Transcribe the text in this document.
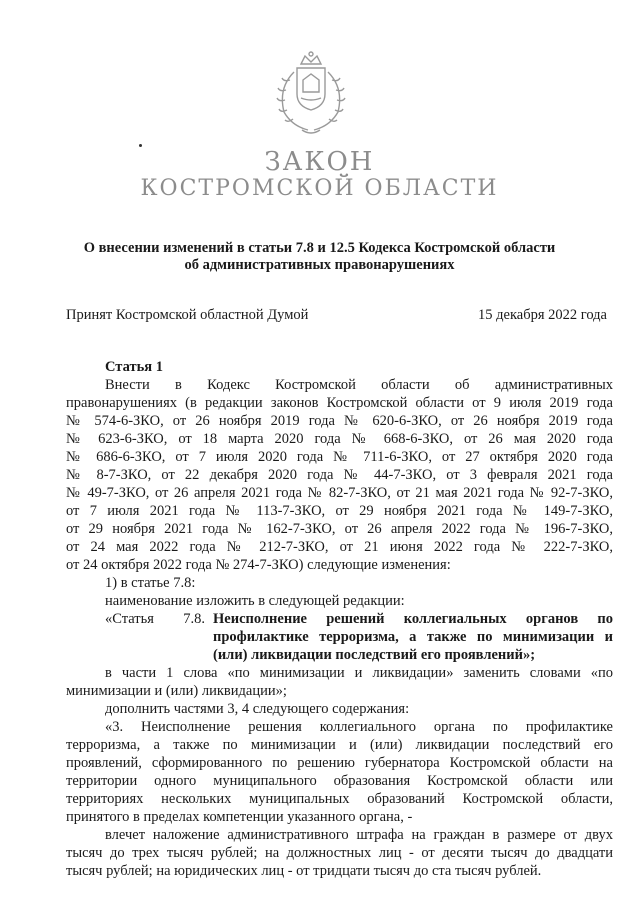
ЗАКОН
КОСТРОМСКОЙ ОБЛАСТИ
О внесении изменений в статьи 7.8 и 12.5 Кодекса Костромской области
об административных правонарушениях
Принят Костромской областной Думой	15 декабря 2022 года
Статья 1
Внести в Кодекс Костромской области об административных
правонарушениях (в редакции законов Костромской области от 9 июля 2019 года
№ 574-6-ЗКО, от 26 ноября 2019 года № 620-6-ЗКО, от 26 ноября 2019 года
№ 623-6-ЗКО, от 18 марта 2020 года № 668-6-ЗКО, от 26 мая 2020 года
№ 686-6-ЗКО, от 7 июля 2020 года № 711-6-ЗКО, от 27 октября 2020 года
№ 8-7-ЗКО, от 22 декабря 2020 года № 44-7-ЗКО, от 3 февраля 2021 года
№ 49-7-ЗКО, от 26 апреля 2021 года № 82-7-ЗКО, от 21 мая 2021 года № 92-7-ЗКО,
от 7 июля 2021 года № 113-7-ЗКО, от 29 ноября 2021 года № 149-7-ЗКО,
от 29 ноября 2021 года № 162-7-ЗКО, от 26 апреля 2022 года № 196-7-ЗКО,
от 24 мая 2022 года № 212-7-ЗКО, от 21 июня 2022 года № 222-7-ЗКО,
от 24 октября 2022 года № 274-7-ЗКО) следующие изменения:
1) в статье 7.8:
наименование изложить в следующей редакции:
«Статья 7.8. Неисполнение решений коллегиальных органов по
профилактике терроризма, а также по минимизации и
(или) ликвидации последствий его проявлений»;
в части 1 слова «по минимизации и ликвидации» заменить словами «по
минимизации и (или) ликвидации»;
дополнить частями 3, 4 следующего содержания:
«3. Неисполнение решения коллегиального органа по профилактике
терроризма, а также по минимизации и (или) ликвидации последствий его
проявлений, сформированного по решению губернатора Костромской области на
территории одного муниципального образования Костромской области или
территориях нескольких муниципальных образований Костромской области,
принятого в пределах компетенции указанного органа, -
влечет наложение административного штрафа на граждан в размере от двух
тысяч до трех тысяч рублей; на должностных лиц - от десяти тысяч до двадцати
тысяч рублей; на юридических лиц - от тридцати тысяч до ста тысяч рублей.
